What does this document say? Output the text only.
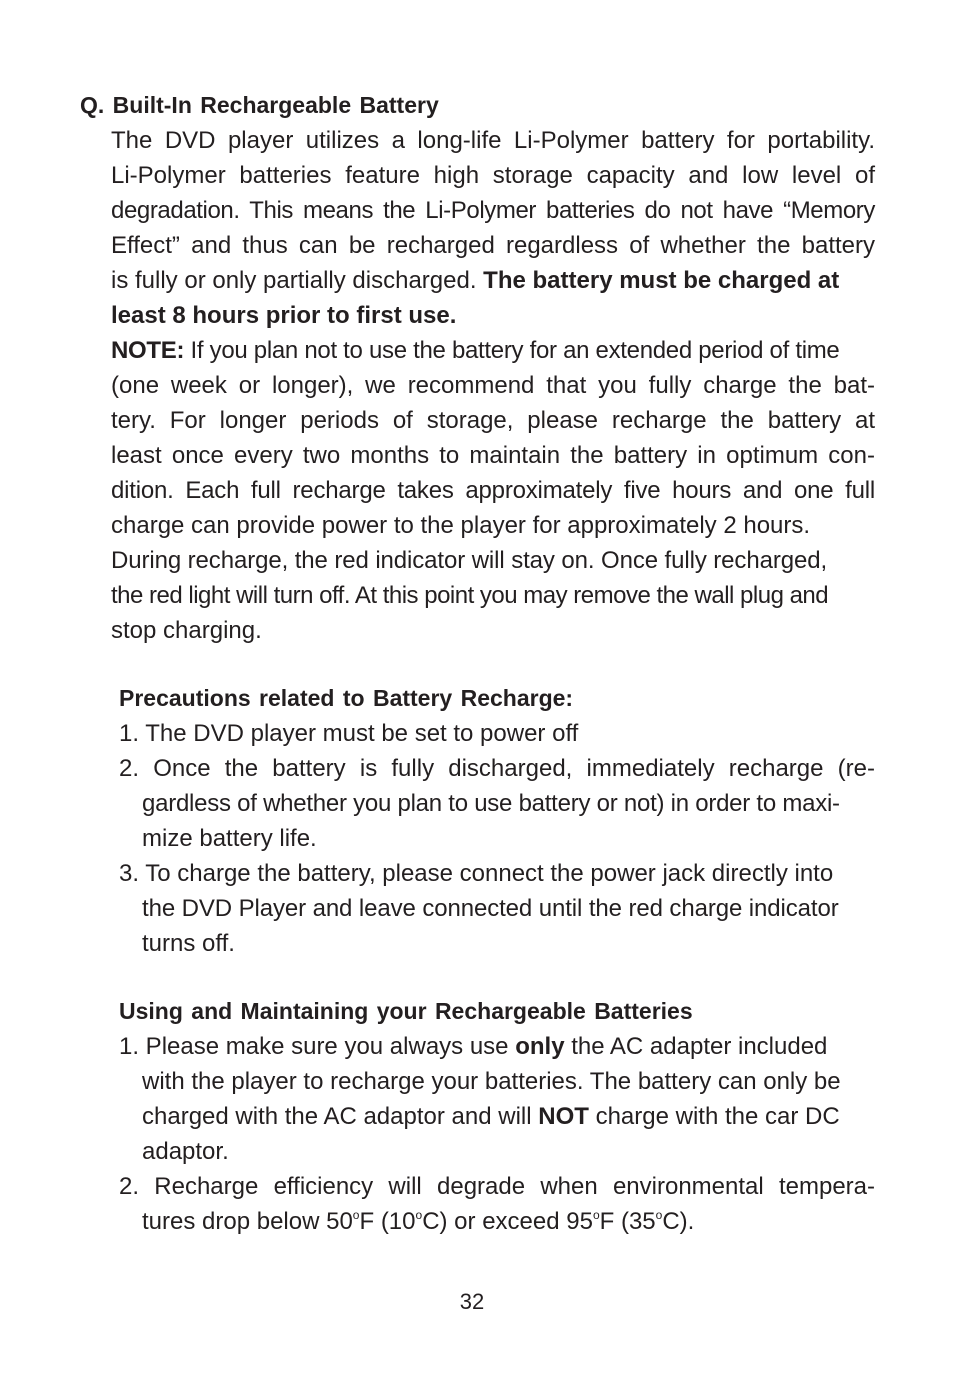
Q. Built-In Rechargeable Battery
The DVD player utilizes a long-life Li-Polymer battery for portability.
Li-Polymer batteries feature high storage capacity and low level of
degradation. This means the Li-Polymer batteries do not have “Memory
Effect” and thus can be recharged regardless of whether the battery
is fully or only partially discharged. The battery must be charged at
least 8 hours prior to first use.
NOTE: If you plan not to use the battery for an extended period of time
(one week or longer), we recommend that you fully charge the bat-
tery. For longer periods of storage, please recharge the battery at
least once every two months to maintain the battery in optimum con-
dition. Each full recharge takes approximately five hours and one full
charge can provide power to the player for approximately 2 hours.
During recharge, the red indicator will stay on. Once fully recharged,
the red light will turn off. At this point you may remove the wall plug and
stop charging.
Precautions related to Battery Recharge:
1. The DVD player must be set to power off
2. Once the battery is fully discharged, immediately recharge (re-
gardless of whether you plan to use battery or not) in order to maxi-
mize battery life.
3. To charge the battery, please connect the power jack directly into
the DVD Player and leave connected until the red charge indicator
turns off.
Using and Maintaining your Rechargeable Batteries
1. Please make sure you always use only the AC adapter included
with the player to recharge your batteries. The battery can only be
charged with the AC adaptor and will NOT charge with the car DC
adaptor.
2. Recharge efficiency will degrade when environmental tempera-
tures drop below 50$^o$F (10$^o$C) or exceed 95$^o$F (35$^o$C).
32
